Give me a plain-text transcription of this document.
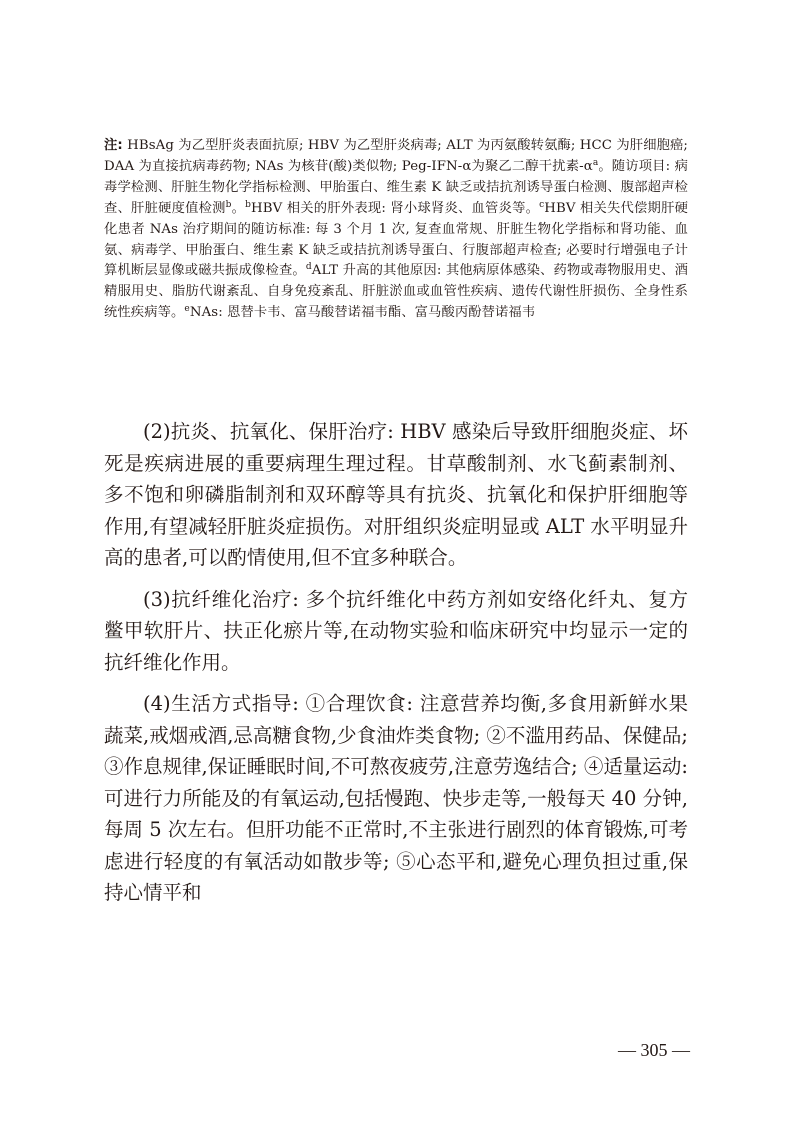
注: HBsAg 为乙型肝炎表面抗原; HBV 为乙型肝炎病毒; ALT 为丙氨酸转氨酶; HCC 为肝细胞癌; DAA 为直接抗病毒药物; NAs 为核苷(酸)类似物; Peg-IFN-α为聚乙二醇干扰素$-\alpha^a$。随访项目: 病毒学检测、肝脏生物化学指标检测、甲胎蛋白、维生素 K 缺乏或拮抗剂诱导蛋白检测、腹部超声检查、肝脏硬度值检测$^b$。$^b$HBV 相关的肝外表现: 肾小球肾炎、血管炎等。$^c$HBV 相关失代偿期肝硬化患者 NAs 治疗期间的随访标准: 每 3 个月 1 次, 复查血常规、肝脏生物化学指标和肾功能、血氨、病毒学、甲胎蛋白、维生素 K 缺乏或拮抗剂诱导蛋白、行腹部超声检查; 必要时行增强电子计算机断层显像或磁共振成像检查。$^d$ALT 升高的其他原因: 其他病原体感染、药物或毒物服用史、酒精服用史、脂肪代谢紊乱、自身免疫紊乱、肝脏淤血或血管性疾病、遗传代谢性肝损伤、全身性系统性疾病等。$^e$NAs: 恩替卡韦、富马酸替诺福韦酯、富马酸丙酚替诺福韦

(2)抗炎、抗氧化、保肝治疗: HBV 感染后导致肝细胞炎症、坏死是疾病进展的重要病理生理过程。甘草酸制剂、水飞蓟素制剂、多不饱和卵磷脂制剂和双环醇等具有抗炎、抗氧化和保护肝细胞等作用,有望减轻肝脏炎症损伤。对肝组织炎症明显或 ALT 水平明显升高的患者,可以酌情使用,但不宜多种联合。

(3)抗纤维化治疗: 多个抗纤维化中药方剂如安络化纤丸、复方鳖甲软肝片、扶正化瘀片等,在动物实验和临床研究中均显示一定的抗纤维化作用。

(4)生活方式指导: ①合理饮食: 注意营养均衡,多食用新鲜水果蔬菜,戒烟戒酒,忌高糖食物,少食油炸类食物; ②不滥用药品、保健品; ③作息规律,保证睡眠时间,不可熬夜疲劳,注意劳逸结合; ④适量运动: 可进行力所能及的有氧运动,包括慢跑、快步走等,一般每天 40 分钟,每周 5 次左右。但肝功能不正常时,不主张进行剧烈的体育锻炼,可考虑进行轻度的有氧活动如散步等; ⑤心态平和,避免心理负担过重,保持心情平和

— 305 —
